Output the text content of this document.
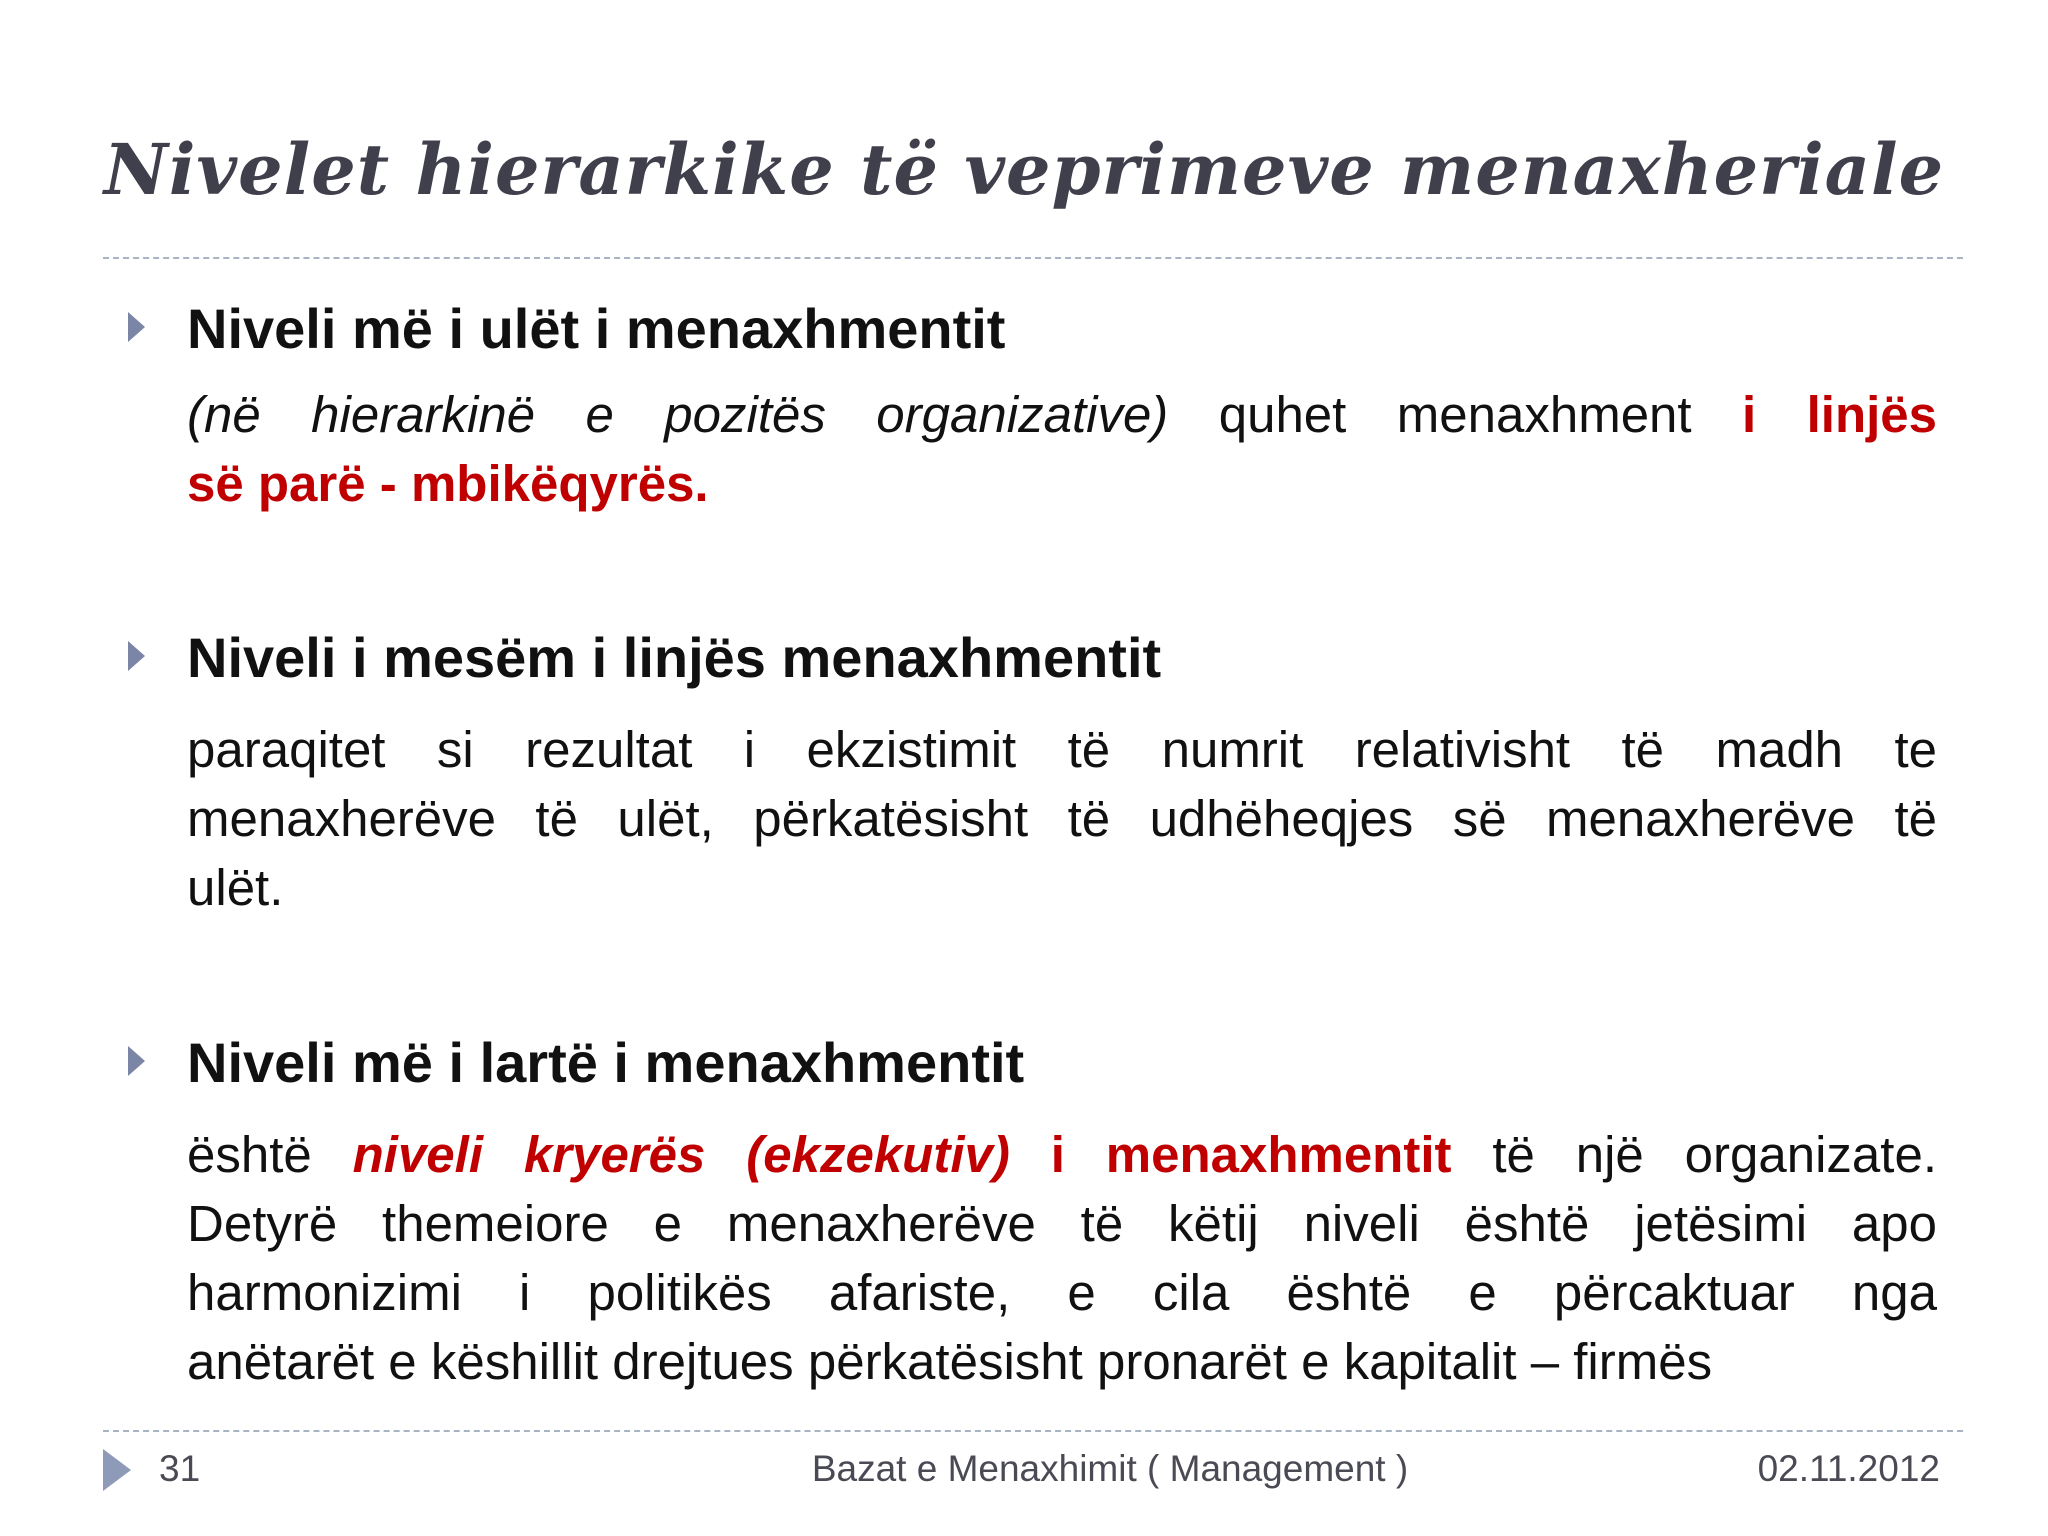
Nivelet hierarkike të veprimeve menaxheriale
Niveli më i ulët i menaxhmentit
(në hierarkinë e pozitës organizative) quhet menaxhment i linjës
së parë - mbikëqyrës.
Niveli i mesëm i linjës menaxhmentit
paraqitet si rezultat i ekzistimit të numrit relativisht të madh te
menaxherëve të ulët, përkatësisht të udhëheqjes së menaxherëve të
ulët.
Niveli më i lartë i menaxhmentit
është niveli kryerës (ekzekutiv) i menaxhmentit të një organizate.
Detyrë themeiore e menaxherëve të këtij niveli është jetësimi apo
harmonizimi i politikës afariste, e cila është e përcaktuar nga
anëtarët e këshillit drejtues përkatësisht pronarët e kapitalit – firmës
31	Bazat e Menaxhimit ( Management )	02.11.2012
